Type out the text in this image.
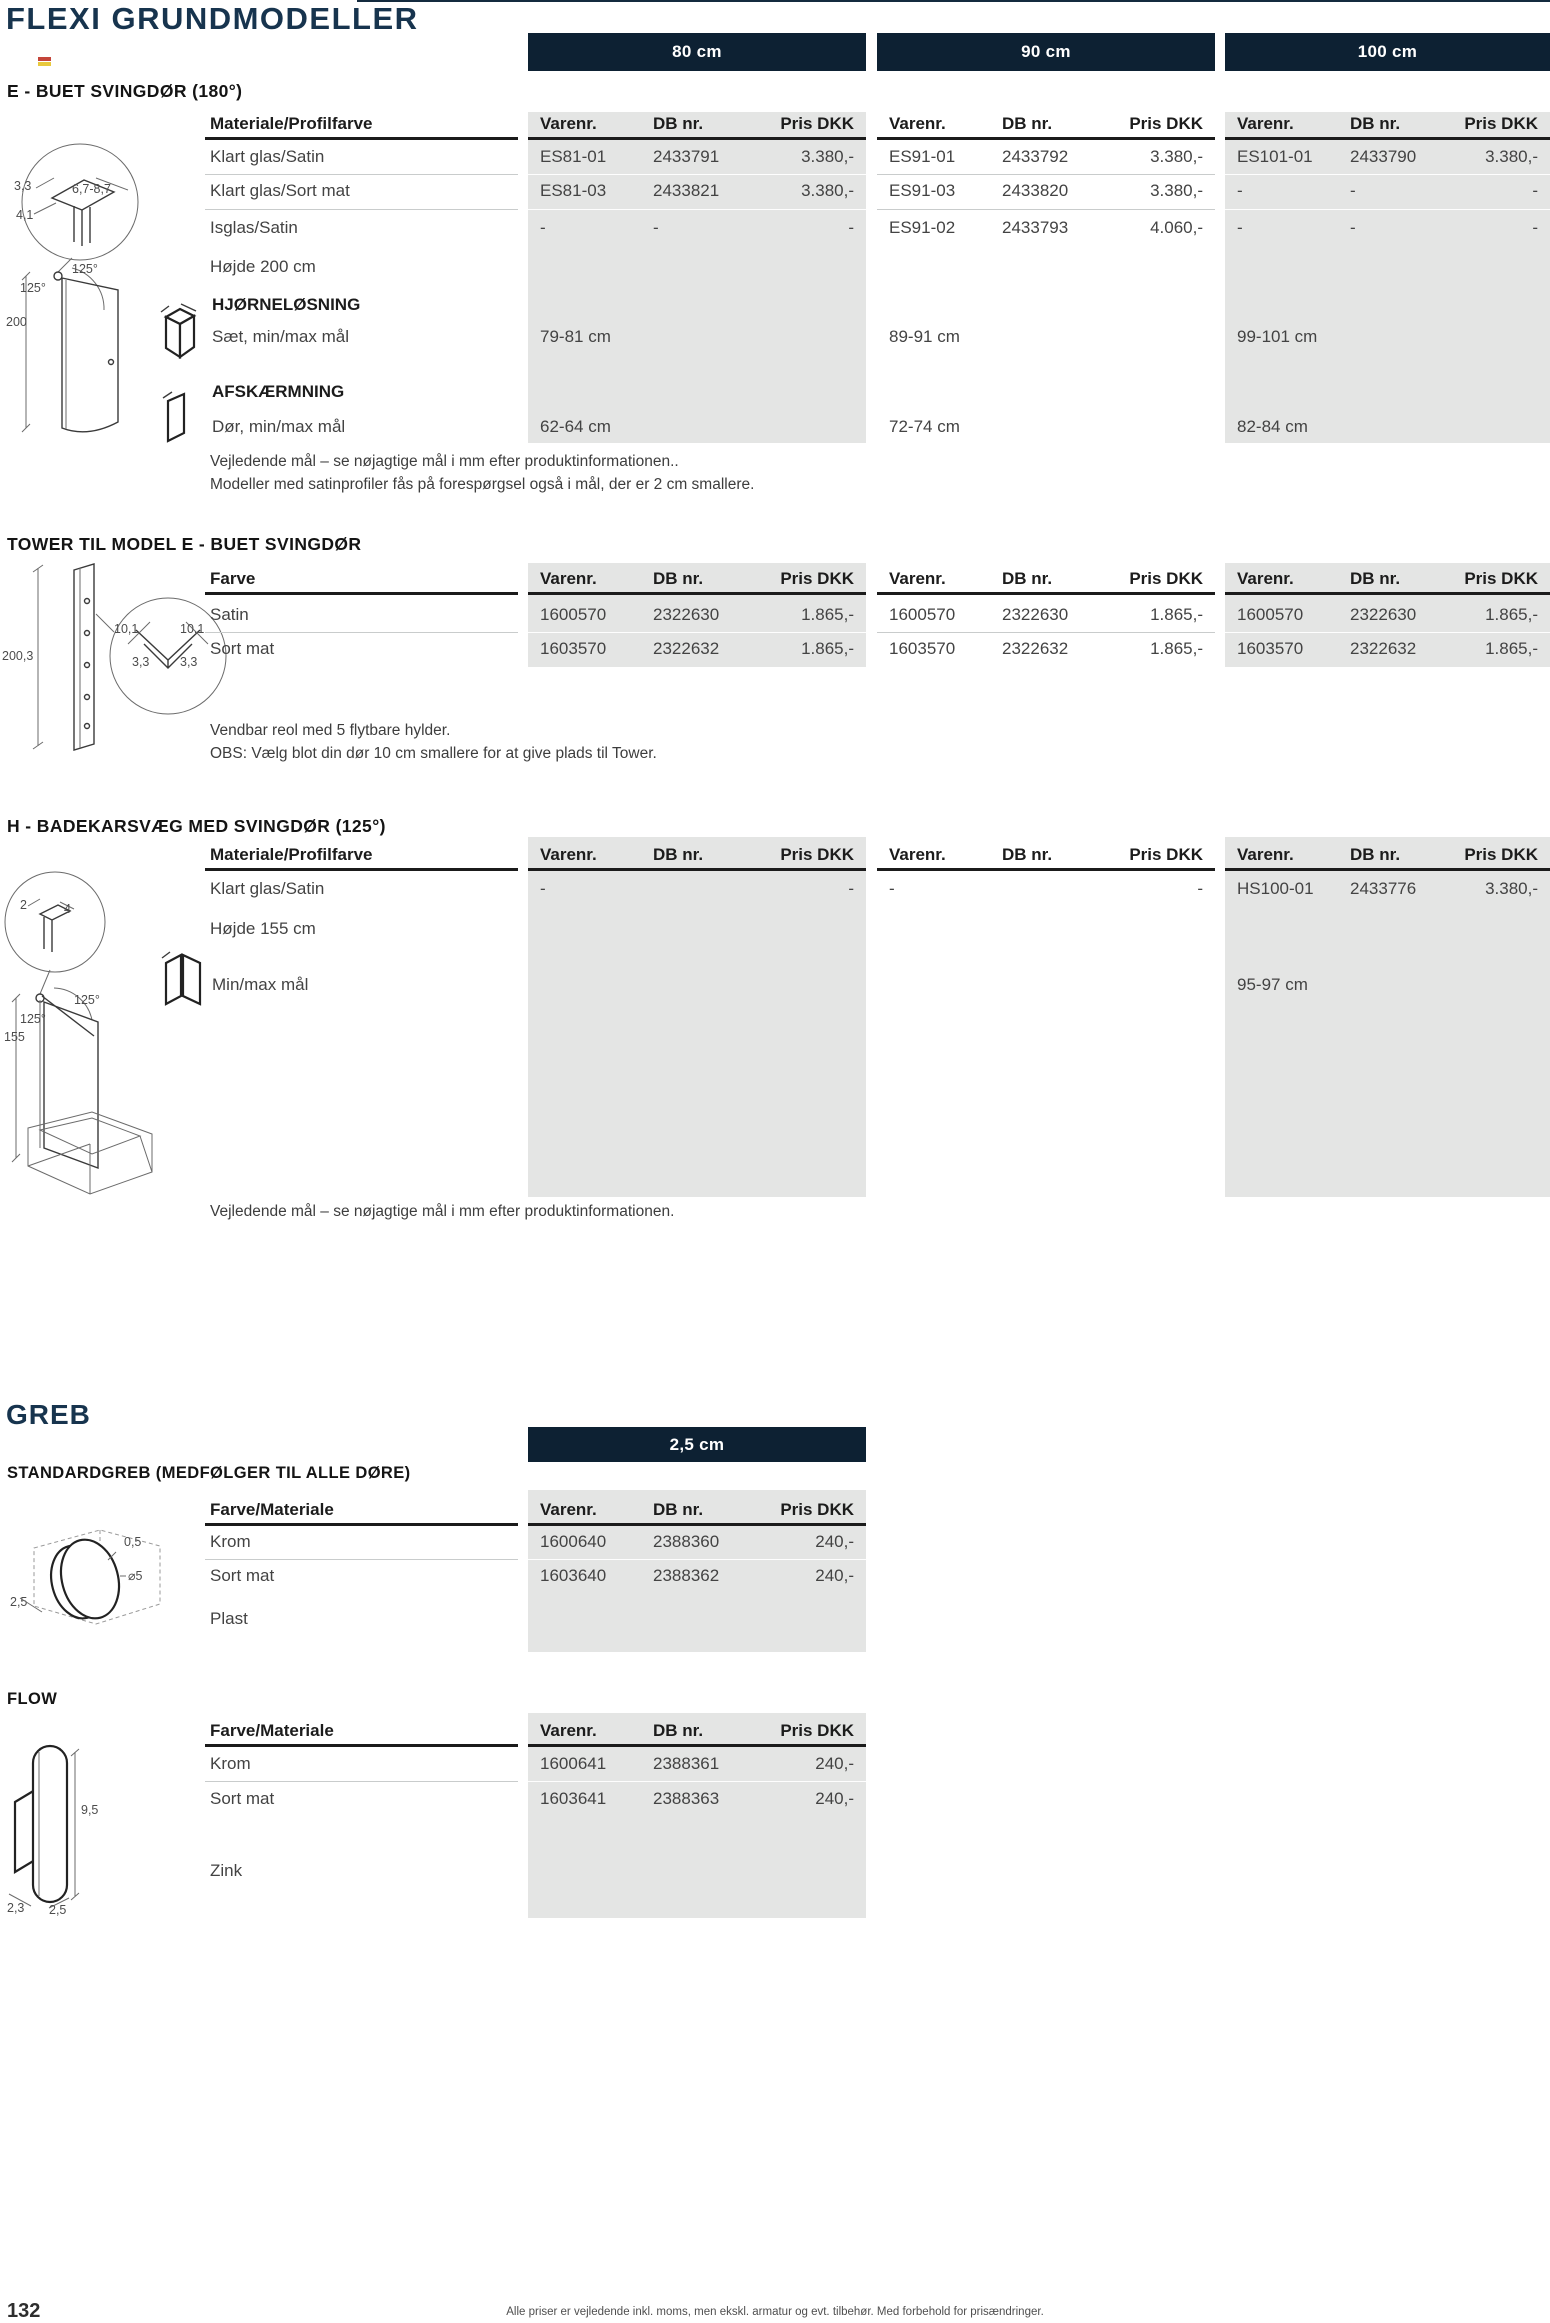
FLEXI GRUNDMODELLER
80 cm	90 cm	100 cm
E - BUET SVINGDØR (180°)
TOWER TIL MODEL E - BUET SVINGDØR
H - BADEKARSVÆG MED SVINGDØR (125°)
GREB
2,5 cm
STANDARDGREB (MEDFØLGER TIL ALLE DØRE)
FLOW
Vejledende mål – se nøjagtige mål i mm efter produktinformationen..
Modeller med satinprofiler fås på forespørgsel også i mål, der er 2 cm smallere.
Vendbar reol med 5 flytbare hylder.
OBS: Vælg blot din dør 10 cm smallere for at give plads til Tower.
Vejledende mål – se nøjagtige mål i mm efter produktinformationen.
132	Alle priser er vejledende inkl. moms, men ekskl. armatur og evt. tilbehør. Med forbehold for prisændringer.
3,3	6,7-8,7
4,1
125°
125°
200
200,3
10,1	10,1
3,3 3,3
2	4
125°
125°
155
0,5
⌀5
2,5
9,5
2,3 2,5
Materiale/Profilfarve	Varenr.	DB nr.	Pris DKK Varenr.	DB nr.	Pris DKK Varenr.	DB nr.	Pris DKK
Klart glas/Satin	ES81-01	2433791	3.380,- ES91-01	2433792	3.380,- ES101-01 2433790	3.380,-
Klart glas/Sort mat	ES81-03	2433821	3.380,- ES91-03	2433820	3.380,- -	-	-
Isglas/Satin	-	-	- ES91-02	2433793	4.060,- -	-	-
Højde 200 cm
HJØRNELØSNING
Sæt, min/max mål	79-81 cm	89-91 cm	99-101 cm
AFSKÆRMNING
Dør, min/max mål	62-64 cm	72-74 cm	82-84 cm
Farve	Varenr.	DB nr.	Pris DKK Varenr.	DB nr.	Pris DKK Varenr.	DB nr.	Pris DKK
Satin	1600570	2322630	1.865,- 1600570	2322630	1.865,- 1600570	2322630	1.865,-
Sort mat	1603570	2322632	1.865,- 1603570	2322632	1.865,- 1603570	2322632	1.865,-
Materiale/Profilfarve	Varenr.	DB nr.	Pris DKK Varenr.	DB nr.	Pris DKK Varenr.	DB nr.	Pris DKK
Klart glas/Satin	-	- -	- HS100-01 2433776	3.380,-
Højde 155 cm
Min/max mål	95-97 cm
Farve/Materiale	Varenr.	DB nr.	Pris DKK
Krom	1600640	2388360	240,-
Sort mat	1603640	2388362	240,-
Plast
Farve/Materiale	Varenr.	DB nr.	Pris DKK
Krom	1600641	2388361	240,-
Sort mat	1603641	2388363	240,-
Zink
